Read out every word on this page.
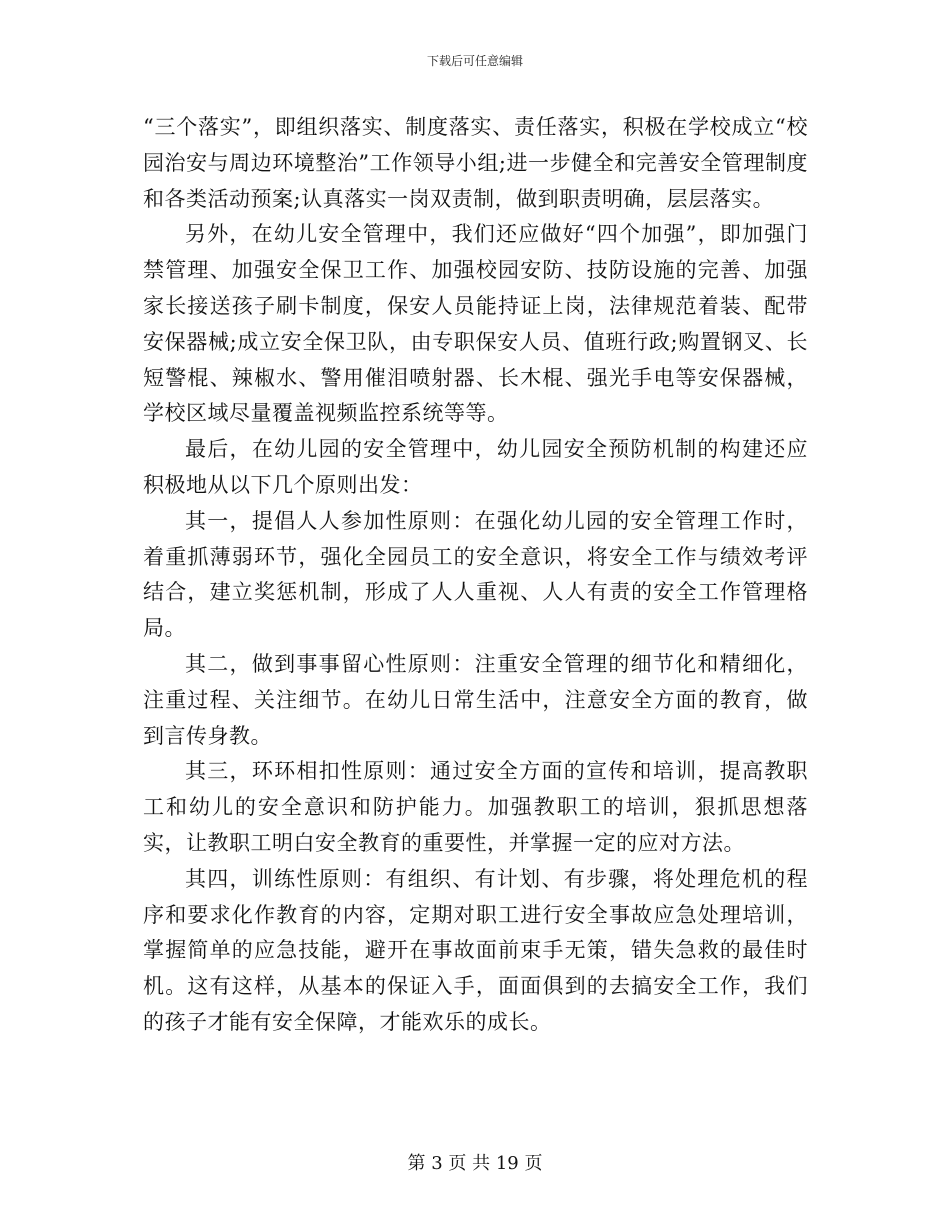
下载后可任意编辑

“三个落实”，即组织落实、制度落实、责任落实，积极在学校成立“校园治安与周边环境整治”工作领导小组;进一步健全和完善安全管理制度和各类活动预案;认真落实一岗双责制，做到职责明确，层层落实。

另外，在幼儿安全管理中，我们还应做好“四个加强”，即加强门禁管理、加强安全保卫工作、加强校园安防、技防设施的完善、加强家长接送孩子刷卡制度，保安人员能持证上岗，法律规范着装、配带安保器械;成立安全保卫队，由专职保安人员、值班行政;购置钢叉、长短警棍、辣椒水、警用催泪喷射器、长木棍、强光手电等安保器械，学校区域尽量覆盖视频监控系统等等。

最后，在幼儿园的安全管理中，幼儿园安全预防机制的构建还应积极地从以下几个原则出发：

其一，提倡人人参加性原则：在强化幼儿园的安全管理工作时，着重抓薄弱环节，强化全园员工的安全意识，将安全工作与绩效考评结合，建立奖惩机制，形成了人人重视、人人有责的安全工作管理格局。

其二，做到事事留心性原则：注重安全管理的细节化和精细化，注重过程、关注细节。在幼儿日常生活中，注意安全方面的教育，做到言传身教。

其三，环环相扣性原则：通过安全方面的宣传和培训，提高教职工和幼儿的安全意识和防护能力。加强教职工的培训，狠抓思想落实，让教职工明白安全教育的重要性，并掌握一定的应对方法。

其四，训练性原则：有组织、有计划、有步骤，将处理危机的程序和要求化作教育的内容，定期对职工进行安全事故应急处理培训，掌握简单的应急技能，避开在事故面前束手无策，错失急救的最佳时机。这有这样，从基本的保证入手，面面俱到的去搞安全工作，我们的孩子才能有安全保障，才能欢乐的成长。

第 3 页 共 19 页
